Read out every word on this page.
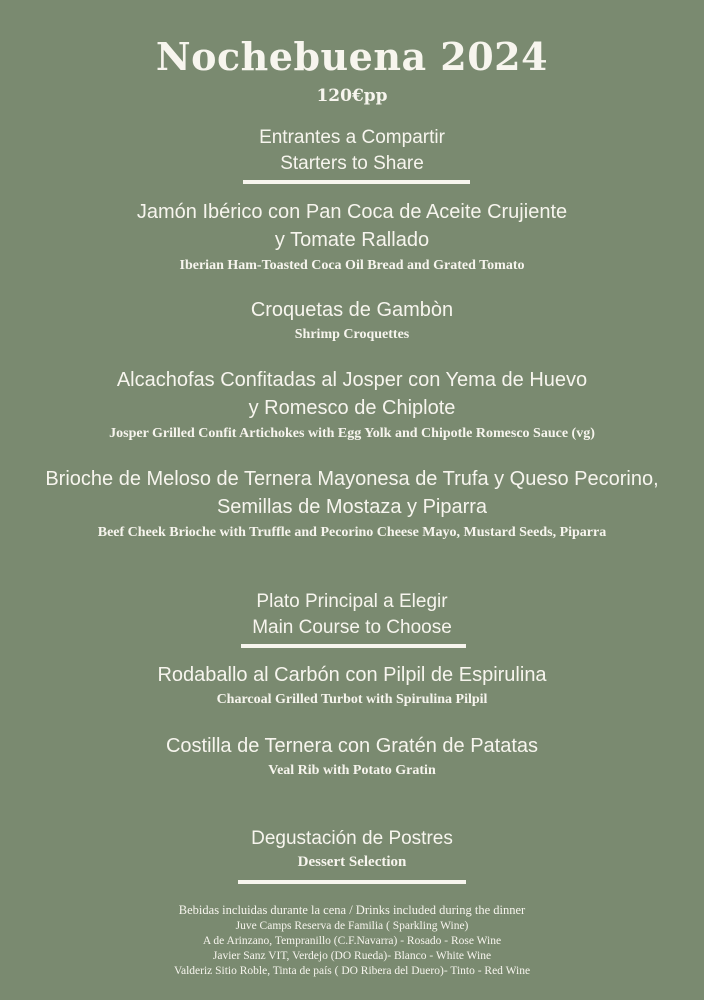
Nochebuena 2024
120€pp
Entrantes a Compartir
Starters to Share
Jamón Ibérico con Pan Coca de Aceite Crujiente
y Tomate Rallado
Iberian Ham-Toasted Coca Oil Bread and Grated Tomato
Croquetas de Gambòn
Shrimp Croquettes
Alcachofas Confitadas al Josper con Yema de Huevo
y Romesco de Chiplote
Josper Grilled Confit Artichokes with Egg Yolk and Chipotle Romesco Sauce (vg)
Brioche de Meloso de Ternera Mayonesa de Trufa y Queso Pecorino,
Semillas de Mostaza y Piparra
Beef Cheek Brioche with Truffle and Pecorino Cheese Mayo, Mustard Seeds, Piparra
Plato Principal a Elegir
Main Course to Choose
Rodaballo al Carbón con Pilpil de Espirulina
Charcoal Grilled Turbot with Spirulina Pilpil
Costilla de Ternera con Gratén de Patatas
Veal Rib with Potato Gratin
Degustación de Postres
Dessert Selection
Bebidas incluidas durante la cena / Drinks included during the dinner
Juve Camps Reserva de Familia ( Sparkling Wine)
A de Arinzano, Tempranillo (C.F.Navarra) - Rosado - Rose Wine
Javier Sanz VIT, Verdejo (DO Rueda)- Blanco - White Wine
Valderiz Sitio Roble, Tinta de país ( DO Ribera del Duero)- Tinto - Red Wine
